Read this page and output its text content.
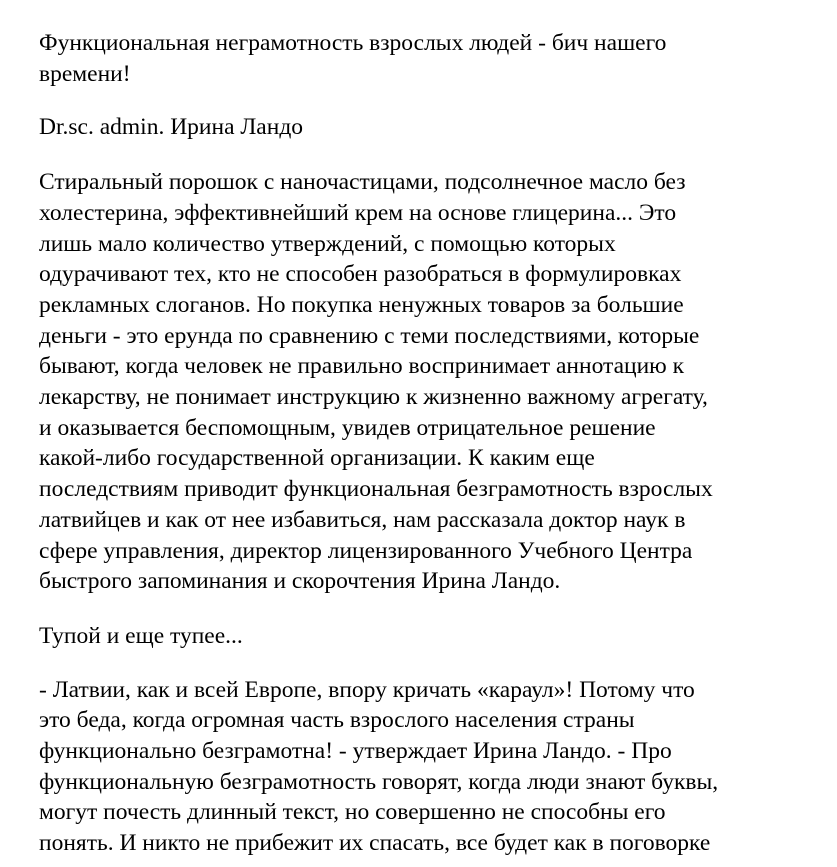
Функциональная неграмотность взрослых людей - бич нашего
времени!

Dr.sc. admin. Ирина Ландо

Стиральный порошок с наночастицами, подсолнечное масло без
холестерина, эффективнейший крем на основе глицерина... Это
лишь мало количество утверждений, с помощью которых
одурачивают тех, кто не способен разобраться в формулировках
рекламных слоганов. Но покупка ненужных товаров за большие
деньги - это ерунда по сравнению с теми последствиями, которые
бывают, когда человек не правильно воспринимает аннотацию к
лекарству, не понимает инструкцию к жизненно важному агрегату,
и оказывается беспомощным, увидев отрицательное решение
какой-либо государственной организации. К каким еще
последствиям приводит функциональная безграмотность взрослых
латвийцев и как от нее избавиться, нам рассказала доктор наук в
сфере управления, директор лицензированного Учебного Центра
быстрого запоминания и скорочтения Ирина Ландо.

Тупой и еще тупее...

- Латвии, как и всей Европе, впору кричать «караул»! Потому что
это беда, когда огромная часть взрослого населения страны
функционально безграмотна! - утверждает Ирина Ландо. - Про
функциональную безграмотность говорят, когда люди знают буквы,
могут почесть длинный текст, но совершенно не способны его
понять. И никто не прибежит их спасать, все будет как в поговорке
